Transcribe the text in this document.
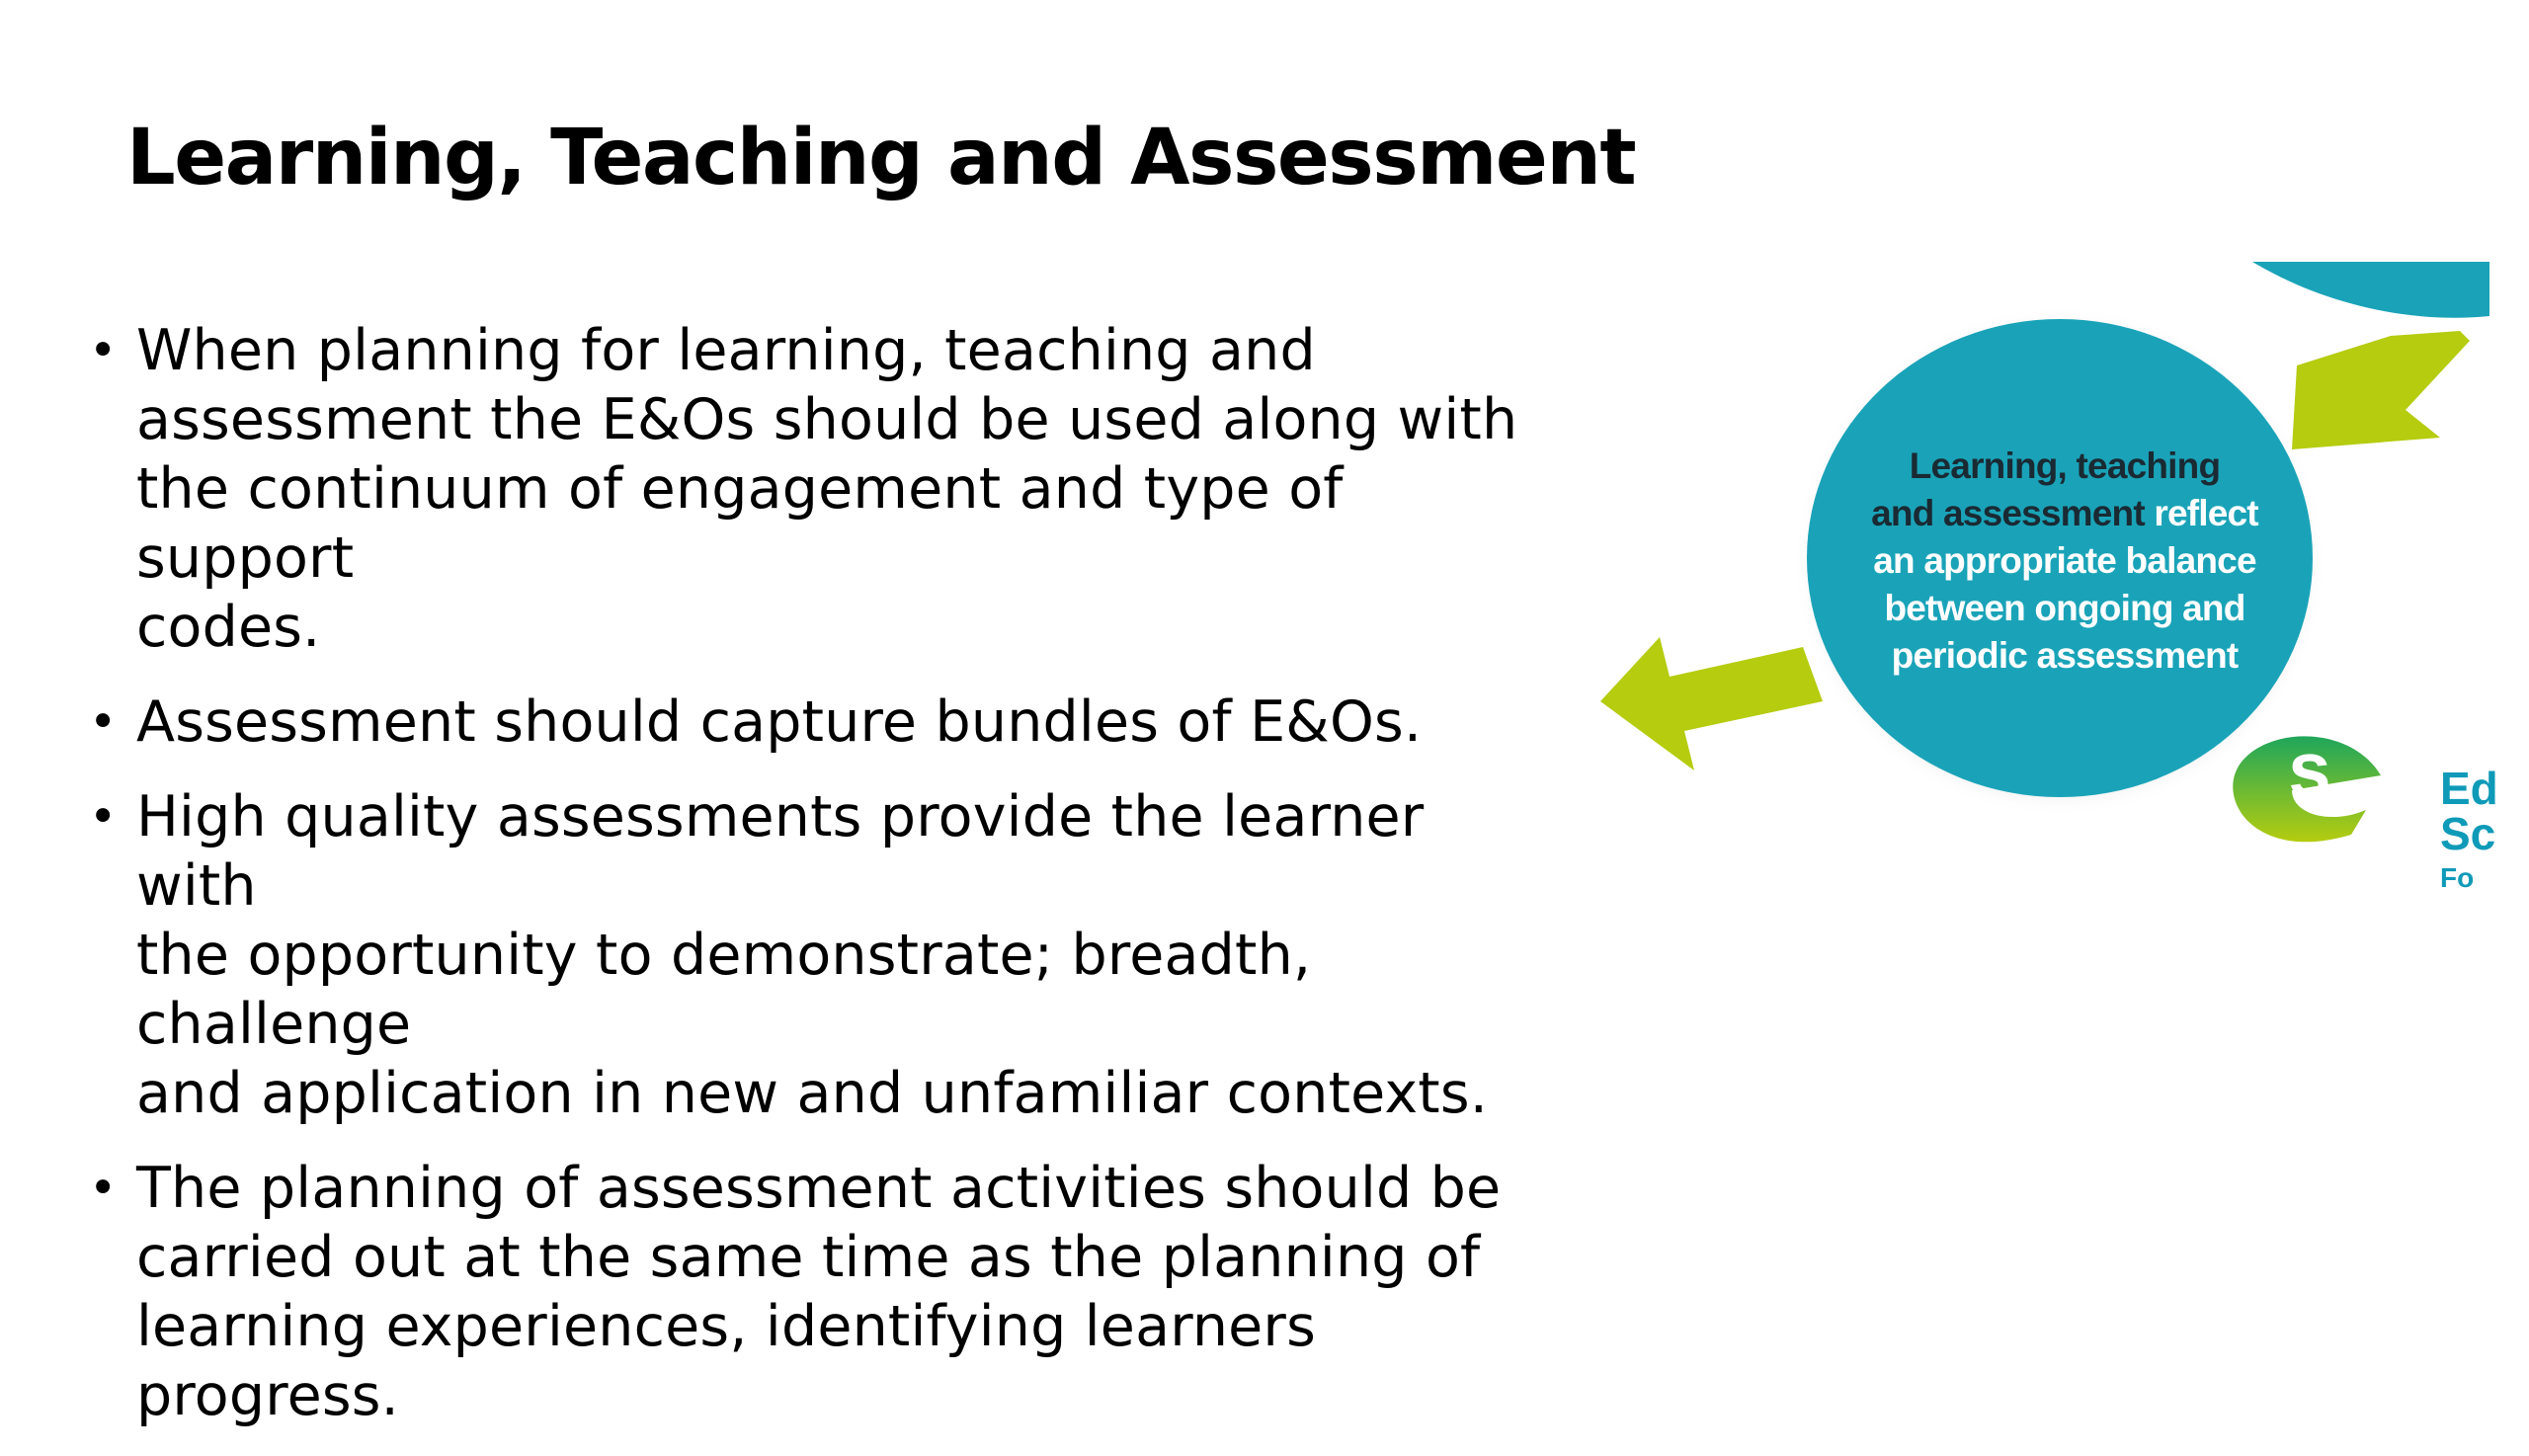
Learning, Teaching and Assessment
• When planning for learning, teaching and
assessment the E&Os should be used along with
the continuum of engagement and type of support
codes.
• Assessment should capture bundles of E&Os.
• High quality assessments provide the learner with
the opportunity to demonstrate; breadth, challenge
and application in new and unfamiliar contexts.
• The planning of assessment activities should be
carried out at the same time as the planning of
learning experiences, identifying learners progress.
s
Learning, teaching
and assessment reflect
an appropriate balance
between ongoing and
periodic assessment
Ed
Sc
Fo
